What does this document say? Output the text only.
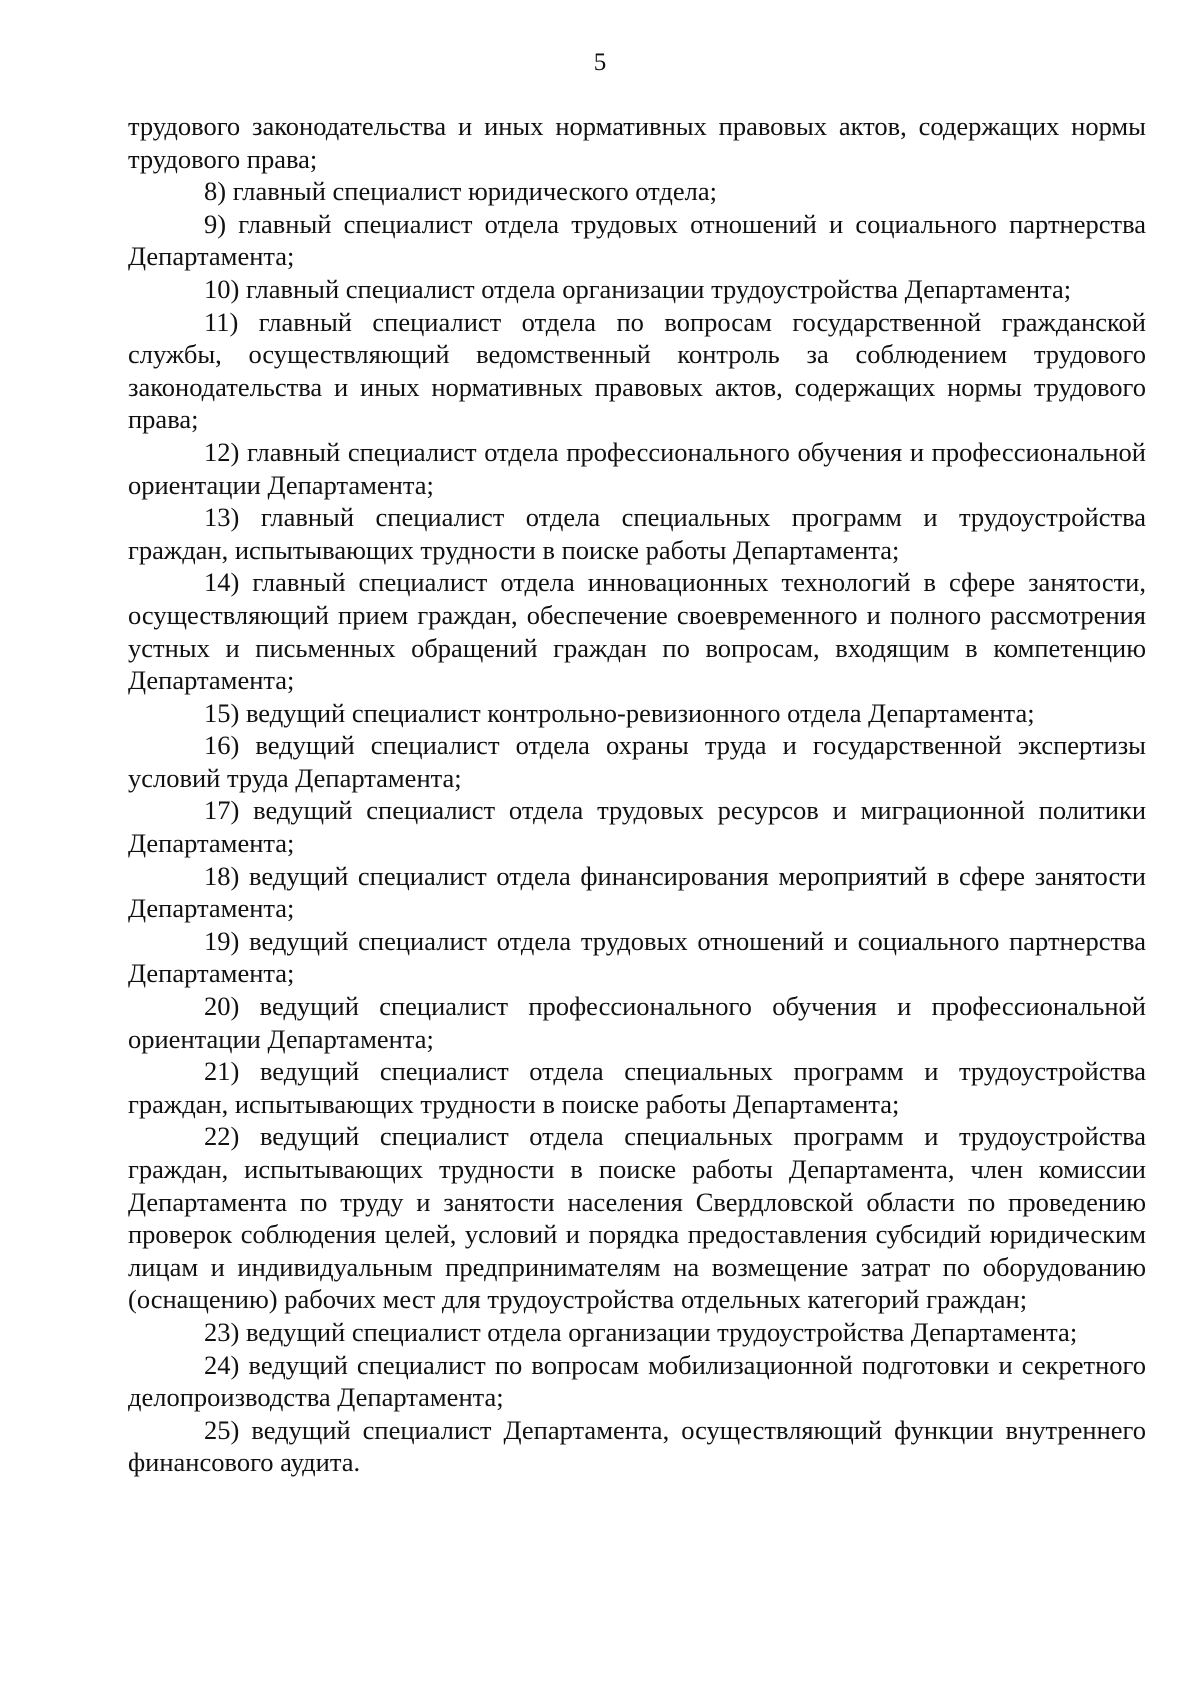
5

трудового законодательства и иных нормативных правовых актов, содержащих нормы трудового права;

8) главный специалист юридического отдела;

9) главный специалист отдела трудовых отношений и социального партнерства Департамента;

10) главный специалист отдела организации трудоустройства Департамента;

11) главный специалист отдела по вопросам государственной гражданской службы, осуществляющий ведомственный контроль за соблюдением трудового законодательства и иных нормативных правовых актов, содержащих нормы трудового права;

12) главный специалист отдела профессионального обучения и профессиональной ориентации Департамента;

13) главный специалист отдела специальных программ и трудоустройства граждан, испытывающих трудности в поиске работы Департамента;

14) главный специалист отдела инновационных технологий в сфере занятости, осуществляющий прием граждан, обеспечение своевременного и полного рассмотрения устных и письменных обращений граждан по вопросам, входящим в компетенцию Департамента;

15) ведущий специалист контрольно-ревизионного отдела Департамента;

16) ведущий специалист отдела охраны труда и государственной экспертизы условий труда Департамента;

17) ведущий специалист отдела трудовых ресурсов и миграционной политики Департамента;

18) ведущий специалист отдела финансирования мероприятий в сфере занятости Департамента;

19) ведущий специалист отдела трудовых отношений и социального партнерства Департамента;

20) ведущий специалист профессионального обучения и профессиональной ориентации Департамента;

21) ведущий специалист отдела специальных программ и трудоустройства граждан, испытывающих трудности в поиске работы Департамента;

22) ведущий специалист отдела специальных программ и трудоустройства граждан, испытывающих трудности в поиске работы Департамента, член комиссии Департамента по труду и занятости населения Свердловской области по проведению проверок соблюдения целей, условий и порядка предоставления субсидий юридическим лицам и индивидуальным предпринимателям на возмещение затрат по оборудованию (оснащению) рабочих мест для трудоустройства отдельных категорий граждан;

23) ведущий специалист отдела организации трудоустройства Департамента;

24) ведущий специалист по вопросам мобилизационной подготовки и секретного делопроизводства Департамента;

25) ведущий специалист Департамента, осуществляющий функции внутреннего финансового аудита.
